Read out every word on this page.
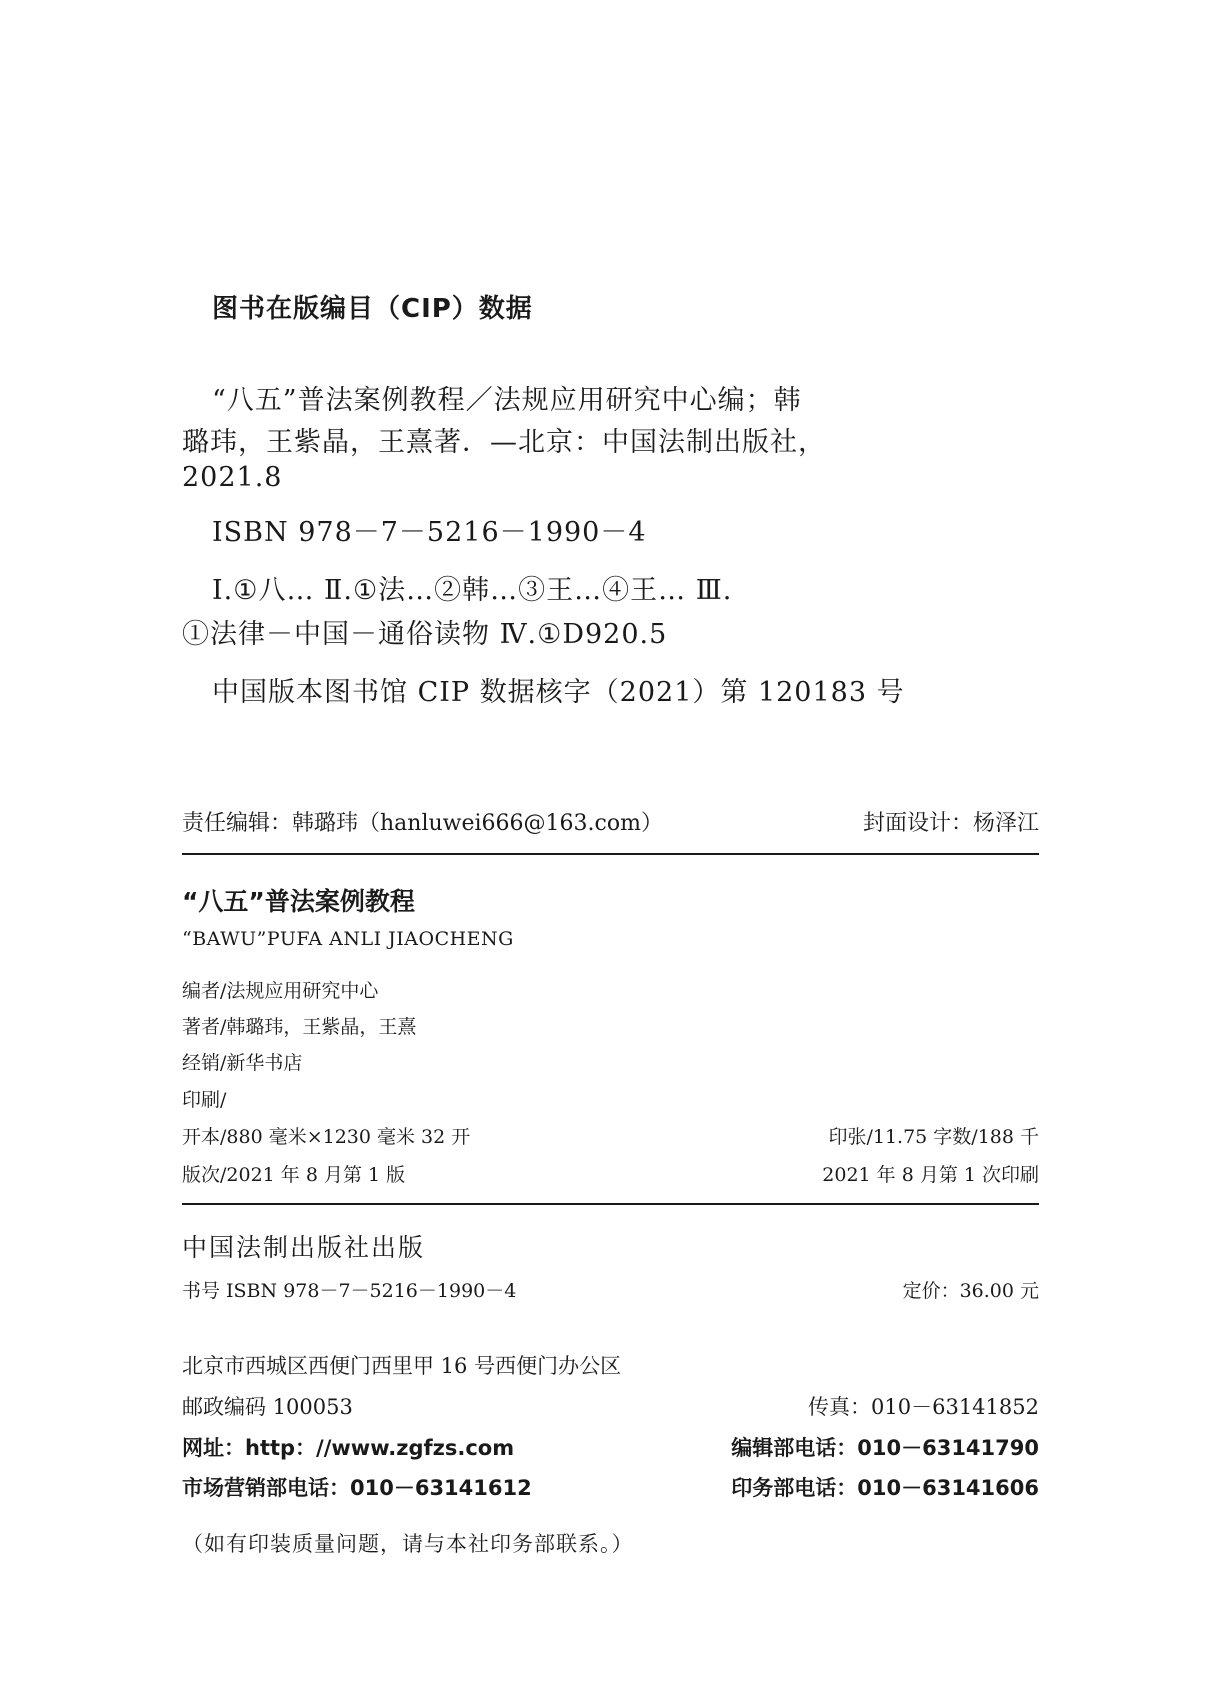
图书在版编目（CIP）数据
“八五”普法案例教程／法规应用研究中心编；韩
璐玮，王紫晶，王熹著．—北京：中国法制出版社，
2021.8
ISBN 978－7－5216－1990－4
Ⅰ.①八… Ⅱ.①法…②韩…③王…④王… Ⅲ.
①法律－中国－通俗读物 Ⅳ.①D920.5
中国版本图书馆 CIP 数据核字（2021）第 120183 号
责任编辑：韩璐玮（hanluwei666@163.com）	封面设计：杨泽江
“八五”普法案例教程
“BAWU”PUFA ANLI JIAOCHENG
编者/法规应用研究中心
著者/韩璐玮，王紫晶，王熹
经销/新华书店
印刷/
开本/880 毫米×1230 毫米 32 开	印张/11.75 字数/188 千
版次/2021 年 8 月第 1 版	2021 年 8 月第 1 次印刷
中国法制出版社出版
书号 ISBN 978－7－5216－1990－4	定价：36.00 元
北京市西城区西便门西里甲 16 号西便门办公区
邮政编码 100053	传真：010－63141852
网址：http：//www.zgfzs.com	编辑部电话：010－63141790
市场营销部电话：010－63141612	印务部电话：010－63141606
（如有印装质量问题，请与本社印务部联系。）
